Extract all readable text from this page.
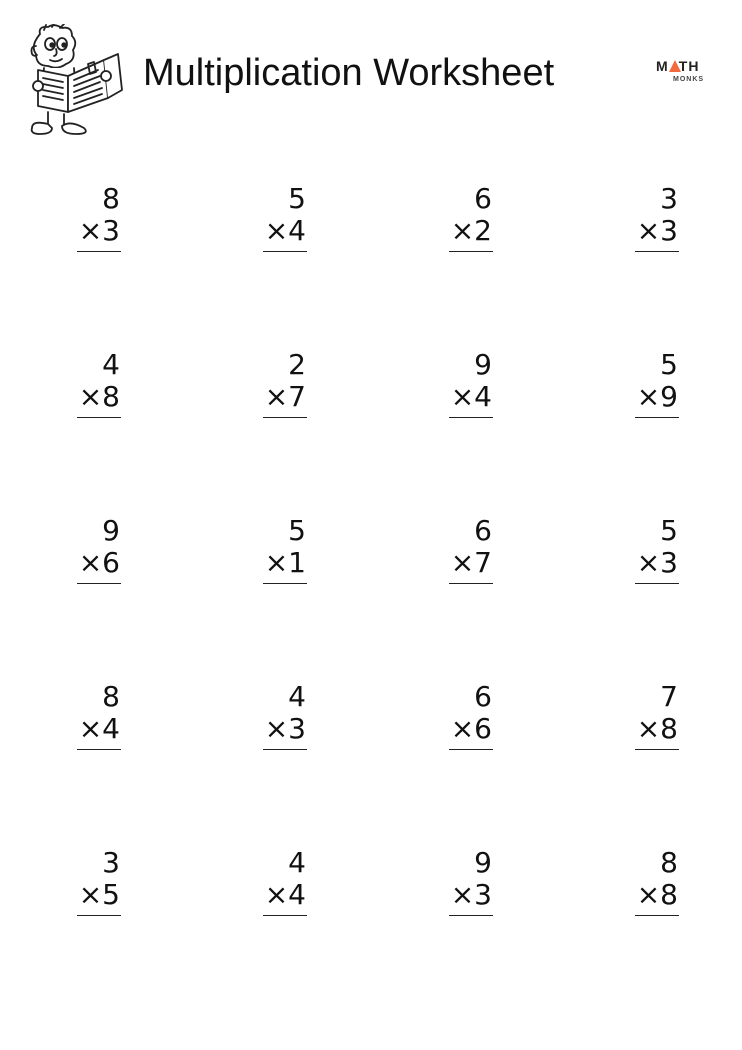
Multiplication Worksheet	M TH
MONKS
8
×3
5
×4
6
×2
3
×3
4
×8
2
×7
9
×4
5
×9
9
×6
5
×1
6
×7
5
×3
8
×4
4
×3
6
×6
7
×8
3
×5
4
×4
9
×3
8
×8
